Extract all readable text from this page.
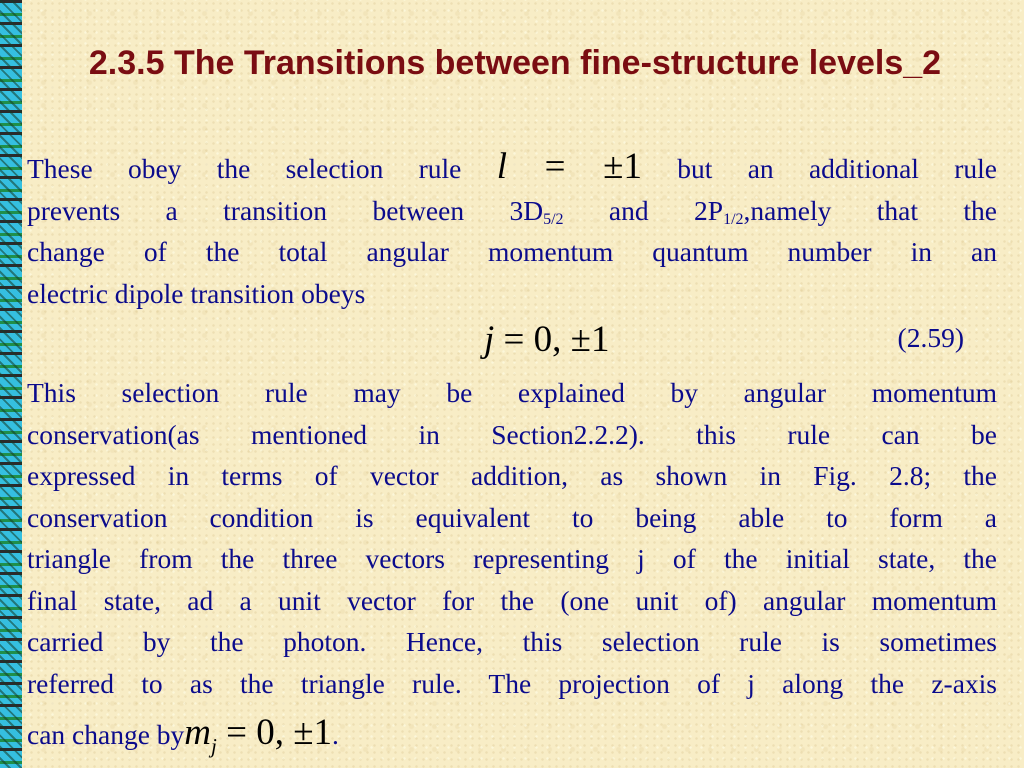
2.3.5 The Transitions between fine-structure levels_2
These obey the selection rule l = ±1 but an additional rule
prevents a transition between $3D_{5/2}$ and $2P_{1/2},namely$ that the
change of the total angular momentum quantum number in an
electric dipole transition obeys
j = 0, ±1	(2.59)
This selection rule may be explained by angular momentum
conservation(as mentioned in Section2.2.2). this rule can be
expressed in terms of vector addition, as shown in Fig. 2.8; the
conservation condition is equivalent to being able to form a
triangle from the three vectors representing j of the initial state, the
final state, ad a unit vector for the (one unit of) angular momentum
carried by the photon. Hence, this selection rule is sometimes
referred to as the triangle rule. The projection of j along the z-axis
can change bym$_j$ = 0, ±1.
